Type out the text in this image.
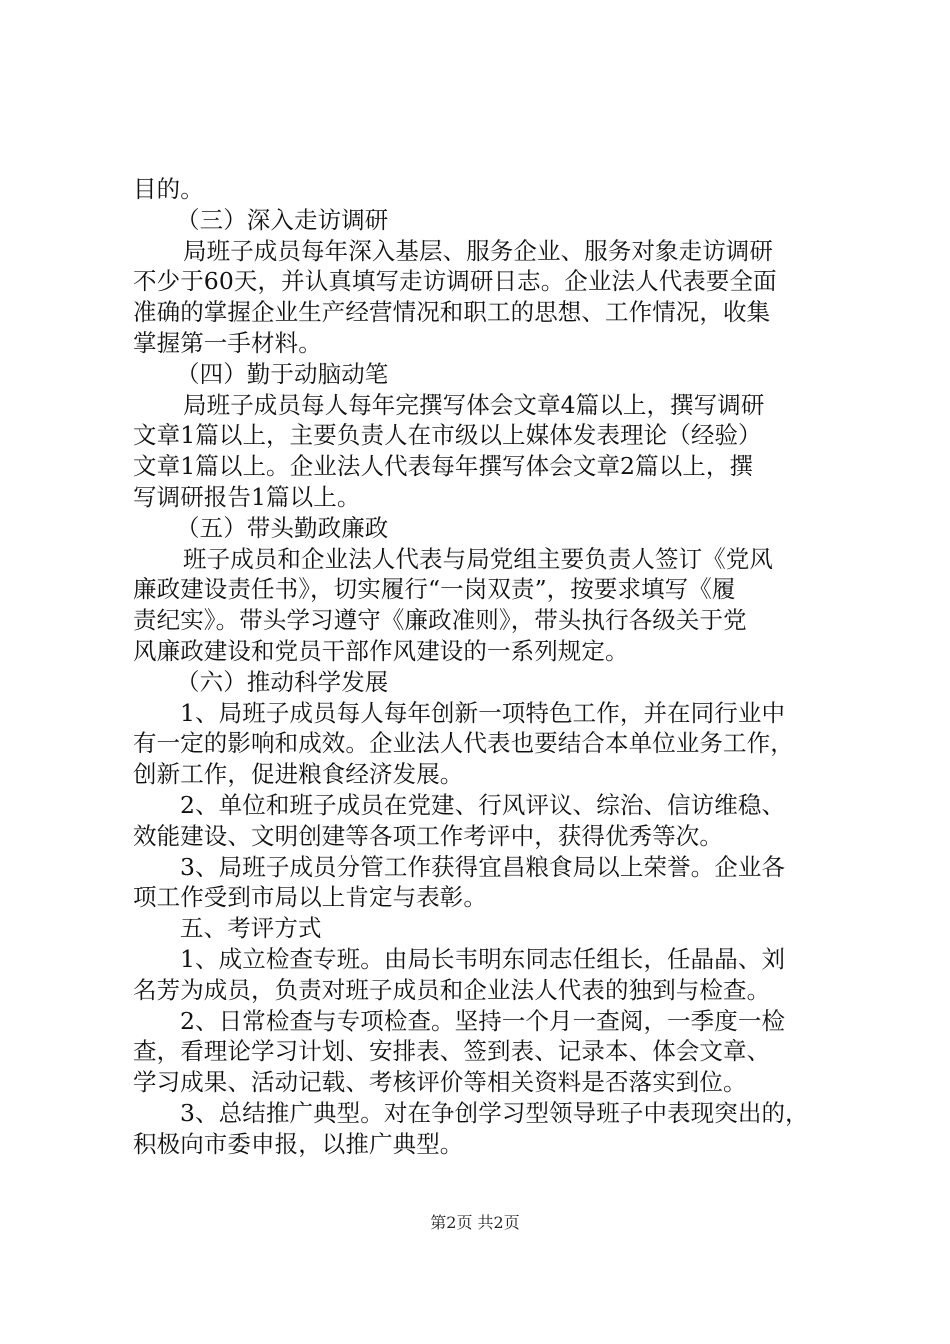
目的。
（三）深入走访调研
局班子成员每年深入基层、服务企业、服务对象走访调研
不少于60天，并认真填写走访调研日志。企业法人代表要全面
准确的掌握企业生产经营情况和职工的思想、工作情况，收集
掌握第一手材料。
（四）勤于动脑动笔
局班子成员每人每年完撰写体会文章4篇以上，撰写调研
文章1篇以上，主要负责人在市级以上媒体发表理论（经验）
文章1篇以上。企业法人代表每年撰写体会文章2篇以上，撰
写调研报告1篇以上。
（五）带头勤政廉政
班子成员和企业法人代表与局党组主要负责人签订《党风
廉政建设责任书》，切实履行“一岗双责”，按要求填写《履
责纪实》。带头学习遵守《廉政准则》，带头执行各级关于党
风廉政建设和党员干部作风建设的一系列规定。
（六）推动科学发展
1、局班子成员每人每年创新一项特色工作，并在同行业中
有一定的影响和成效。企业法人代表也要结合本单位业务工作，
创新工作，促进粮食经济发展。
2、单位和班子成员在党建、行风评议、综治、信访维稳、
效能建设、文明创建等各项工作考评中，获得优秀等次。
3、局班子成员分管工作获得宜昌粮食局以上荣誉。企业各
项工作受到市局以上肯定与表彰。
五、考评方式
1、成立检查专班。由局长韦明东同志任组长，任晶晶、刘
名芳为成员，负责对班子成员和企业法人代表的独到与检查。
2、日常检查与专项检查。坚持一个月一查阅，一季度一检
查，看理论学习计划、安排表、签到表、记录本、体会文章、
学习成果、活动记载、考核评价等相关资料是否落实到位。
3、总结推广典型。对在争创学习型领导班子中表现突出的，
积极向市委申报，以推广典型。
第2页 共2页
